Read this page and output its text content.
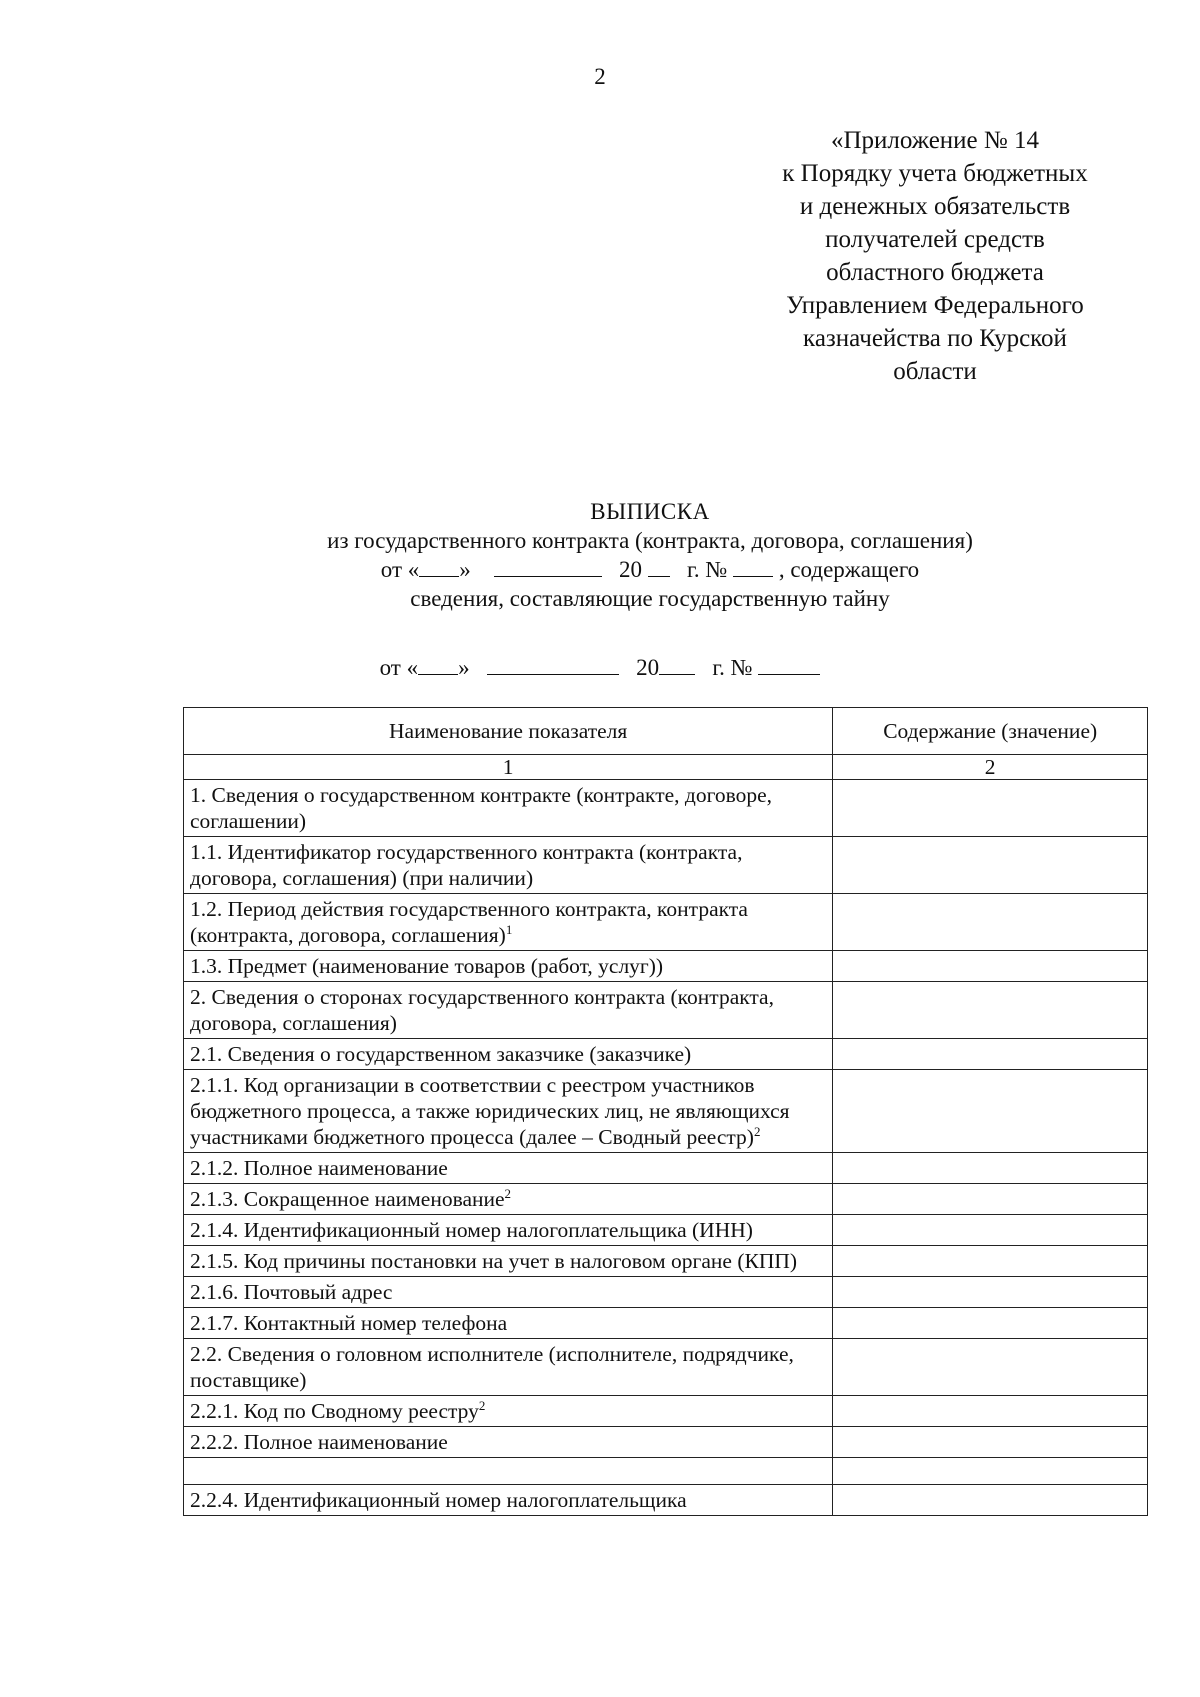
2
«Приложение № 14
к Порядку учета бюджетных
и денежных обязательств
получателей средств
областного бюджета
Управлением Федерального
казначейства по Курской
области
ВЫПИСКА
из государственного контракта (контракта, договора, соглашения)
от « »	20 г. № , содержащего
сведения, составляющие государственную тайну
от « »	20 г. №
Наименование показателя	Содержание (значение)
1	2
1. Сведения о государственном контракте (контракте, договоре, соглашении)	
1.1. Идентификатор государственного контракта (контракта, договора, соглашения) (при наличии)	
1.2. Период действия государственного контракта, контракта (контракта, договора, соглашения)$^1$	
1.3. Предмет (наименование товаров (работ, услуг))	
2. Сведения о сторонах государственного контракта (контракта, договора, соглашения)	
2.1. Сведения о государственном заказчике (заказчике)	
2.1.1. Код организации в соответствии с реестром участников бюджетного процесса, а также юридических лиц, не являющихся участниками бюджетного процесса (далее – Сводный реестр)$^2$	
2.1.2. Полное наименование	
2.1.3. Сокращенное наименование$^2$	
2.1.4. Идентификационный номер налогоплательщика (ИНН)	
2.1.5. Код причины постановки на учет в налоговом органе (КПП)	
2.1.6. Почтовый адрес	
2.1.7. Контактный номер телефона	
2.2. Сведения о головном исполнителе (исполнителе, подрядчике, поставщике)	
2.2.1. Код по Сводному реестру$^2$	
2.2.2. Полное наименование	

2.2.4. Идентификационный номер налогоплательщика	
